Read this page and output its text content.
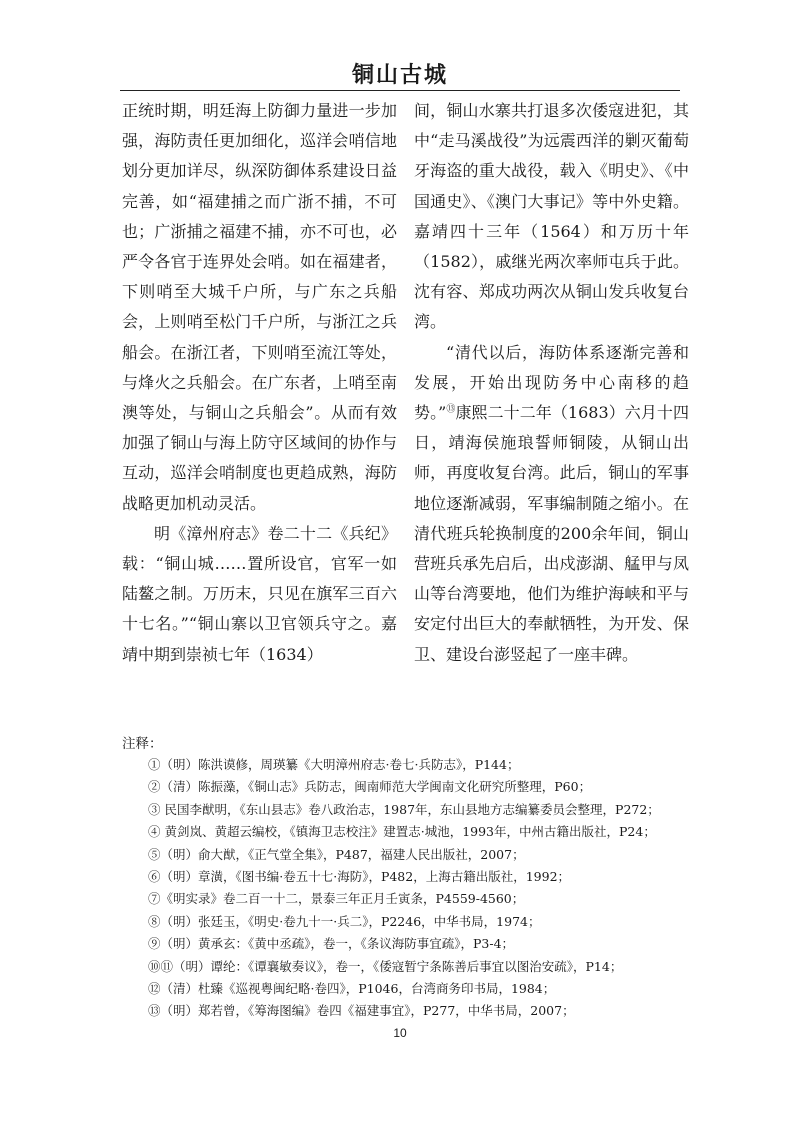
铜山古城

正统时期，明廷海上防御力量进一步加强，海防责任更加细化，巡洋会哨信地划分更加详尽，纵深防御体系建设日益完善，如“福建捕之而广浙不捕，不可也；广浙捕之福建不捕，亦不可也，必严令各官于连界处会哨。如在福建者，下则哨至大城千户所，与广东之兵船会，上则哨至松门千户所，与浙江之兵船会。在浙江者，下则哨至流江等处，与烽火之兵船会。在广东者，上哨至南澳等处，与铜山之兵船会”。从而有效加强了铜山与海上防守区域间的协作与互动，巡洋会哨制度也更趋成熟，海防战略更加机动灵活。

明《漳州府志》卷二十二《兵纪》载：“铜山城……置所设官，官军一如陆鳌之制。万历末，只见在旗军三百六十七名。”“铜山寨以卫官领兵守之。嘉靖中期到崇祯七年（1634）

间，铜山水寨共打退多次倭寇进犯，其中“走马溪战役”为远震西洋的剿灭葡萄牙海盗的重大战役，载入《明史》、《中国通史》、《澳门大事记》等中外史籍。嘉靖四十三年（1564）和万历十年（1582），戚继光两次率师屯兵于此。沈有容、郑成功两次从铜山发兵收复台湾。

“清代以后，海防体系逐渐完善和发展，开始出现防务中心南移的趋势。”⑬康熙二十二年（1683）六月十四日，靖海侯施琅誓师铜陵，从铜山出师，再度收复台湾。此后，铜山的军事地位逐渐减弱，军事编制随之缩小。在清代班兵轮换制度的200余年间，铜山营班兵承先启后，出戍澎湖、艋甲与凤山等台湾要地，他们为维护海峡和平与安定付出巨大的奉献牺牲，为开发、保卫、建设台澎竖起了一座丰碑。

注释：
①（明）陈洪谟修，周瑛纂《大明漳州府志·卷七·兵防志》，P144；
②（清）陈振藻，《铜山志》兵防志，闽南师范大学闽南文化研究所整理，P60；
③ 民国李猷明，《东山县志》卷八政治志，1987年，东山县地方志编纂委员会整理，P272；
④ 黄剑岚、黄超云编校，《镇海卫志校注》建置志·城池，1993年，中州古籍出版社，P24；
⑤（明）俞大猷，《正气堂全集》，P487，福建人民出版社，2007；
⑥（明）章潢，《图书编·卷五十七·海防》，P482，上海古籍出版社，1992；
⑦《明实录》卷二百一十二，景泰三年正月壬寅条，P4559-4560；
⑧（明）张廷玉，《明史·卷九十一·兵二》，P2246，中华书局，1974；
⑨（明）黄承玄：《黄中丞疏》，卷一，《条议海防事宜疏》，P3-4；
⑩⑪（明）谭纶：《谭襄敏奏议》，卷一，《倭寇暂宁条陈善后事宜以图治安疏》，P14；
⑫（清）杜臻《巡视粤闽纪略·卷四》，P1046，台湾商务印书局，1984；
⑬（明）郑若曾，《筹海图编》卷四《福建事宜》，P277，中华书局，2007；
10
